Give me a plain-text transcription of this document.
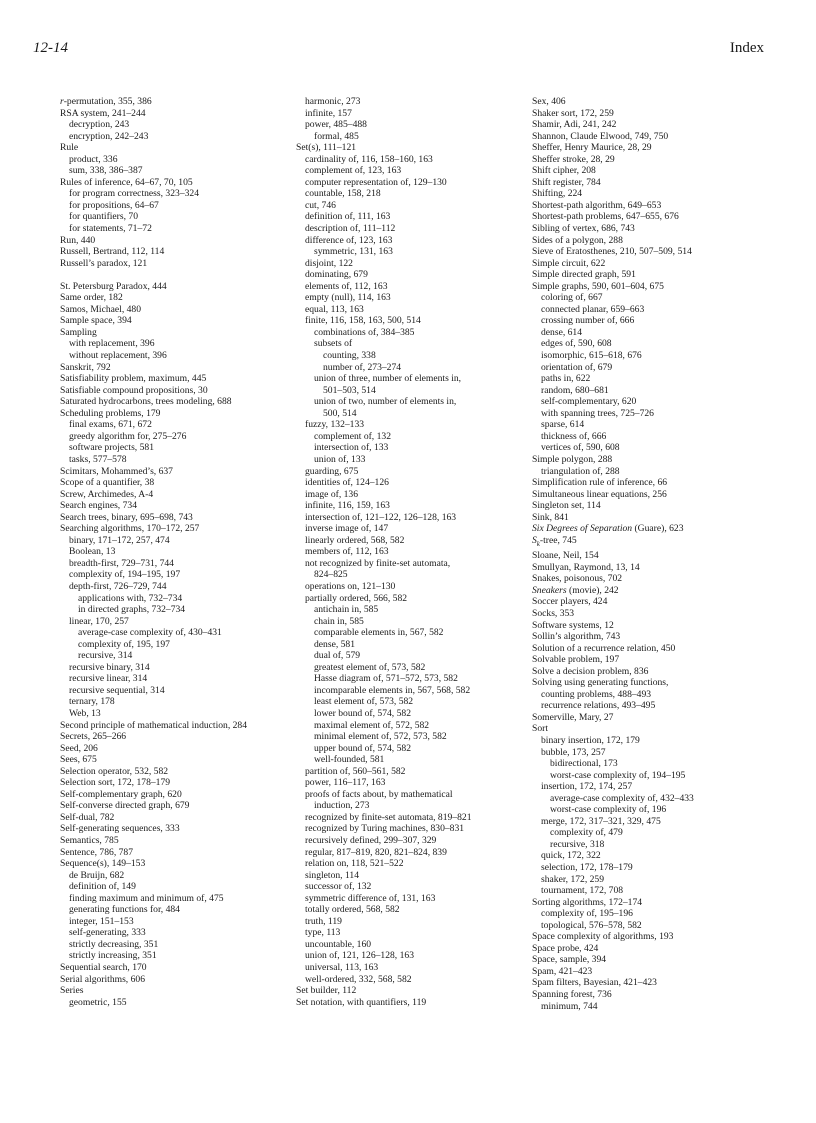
12-14	Index
r-permutation, 355, 386
RSA system, 241–244
decryption, 243
encryption, 242–243
Rule
product, 336
sum, 338, 386–387
Rules of inference, 64–67, 70, 105
for program correctness, 323–324
for propositions, 64–67
for quantifiers, 70
for statements, 71–72
Run, 440
Russell, Bertrand, 112, 114
Russell’s paradox, 121
St. Petersburg Paradox, 444
Same order, 182
Samos, Michael, 480
Sample space, 394
Sampling
with replacement, 396
without replacement, 396
Sanskrit, 792
Satisfiability problem, maximum, 445
Satisfiable compound propositions, 30
Saturated hydrocarbons, trees modeling, 688
Scheduling problems, 179
final exams, 671, 672
greedy algorithm for, 275–276
software projects, 581
tasks, 577–578
Scimitars, Mohammed’s, 637
Scope of a quantifier, 38
Screw, Archimedes, A-4
Search engines, 734
Search trees, binary, 695–698, 743
Searching algorithms, 170–172, 257
binary, 171–172, 257, 474
Boolean, 13
breadth-first, 729–731, 744
complexity of, 194–195, 197
depth-first, 726–729, 744
applications with, 732–734
in directed graphs, 732–734
linear, 170, 257
average-case complexity of, 430–431
complexity of, 195, 197
recursive, 314
recursive binary, 314
recursive linear, 314
recursive sequential, 314
ternary, 178
Web, 13
Second principle of mathematical induction, 284
Secrets, 265–266
Seed, 206
Sees, 675
Selection operator, 532, 582
Selection sort, 172, 178–179
Self-complementary graph, 620
Self-converse directed graph, 679
Self-dual, 782
Self-generating sequences, 333
Semantics, 785
Sentence, 786, 787
Sequence(s), 149–153
de Bruijn, 682
definition of, 149
finding maximum and minimum of, 475
generating functions for, 484
integer, 151–153
self-generating, 333
strictly decreasing, 351
strictly increasing, 351
Sequential search, 170
Serial algorithms, 606
Series
geometric, 155
harmonic, 273
infinite, 157
power, 485–488
formal, 485
Set(s), 111–121
cardinality of, 116, 158–160, 163
complement of, 123, 163
computer representation of, 129–130
countable, 158, 218
cut, 746
definition of, 111, 163
description of, 111–112
difference of, 123, 163
symmetric, 131, 163
disjoint, 122
dominating, 679
elements of, 112, 163
empty (null), 114, 163
equal, 113, 163
finite, 116, 158, 163, 500, 514
combinations of, 384–385
subsets of
counting, 338
number of, 273–274
union of three, number of elements in,
501–503, 514
union of two, number of elements in,
500, 514
fuzzy, 132–133
complement of, 132
intersection of, 133
union of, 133
guarding, 675
identities of, 124–126
image of, 136
infinite, 116, 159, 163
intersection of, 121–122, 126–128, 163
inverse image of, 147
linearly ordered, 568, 582
members of, 112, 163
not recognized by finite-set automata,
824–825
operations on, 121–130
partially ordered, 566, 582
antichain in, 585
chain in, 585
comparable elements in, 567, 582
dense, 581
dual of, 579
greatest element of, 573, 582
Hasse diagram of, 571–572, 573, 582
incomparable elements in, 567, 568, 582
least element of, 573, 582
lower bound of, 574, 582
maximal element of, 572, 582
minimal element of, 572, 573, 582
upper bound of, 574, 582
well-founded, 581
partition of, 560–561, 582
power, 116–117, 163
proofs of facts about, by mathematical
induction, 273
recognized by finite-set automata, 819–821
recognized by Turing machines, 830–831
recursively defined, 299–307, 329
regular, 817–819, 820, 821–824, 839
relation on, 118, 521–522
singleton, 114
successor of, 132
symmetric difference of, 131, 163
totally ordered, 568, 582
truth, 119
type, 113
uncountable, 160
union of, 121, 126–128, 163
universal, 113, 163
well-ordered, 332, 568, 582
Set builder, 112
Set notation, with quantifiers, 119
Sex, 406
Shaker sort, 172, 259
Shamir, Adi, 241, 242
Shannon, Claude Elwood, 749, 750
Sheffer, Henry Maurice, 28, 29
Sheffer stroke, 28, 29
Shift cipher, 208
Shift register, 784
Shifting, 224
Shortest-path algorithm, 649–653
Shortest-path problems, 647–655, 676
Sibling of vertex, 686, 743
Sides of a polygon, 288
Sieve of Eratosthenes, 210, 507–509, 514
Simple circuit, 622
Simple directed graph, 591
Simple graphs, 590, 601–604, 675
coloring of, 667
connected planar, 659–663
crossing number of, 666
dense, 614
edges of, 590, 608
isomorphic, 615–618, 676
orientation of, 679
paths in, 622
random, 680–681
self-complementary, 620
with spanning trees, 725–726
sparse, 614
thickness of, 666
vertices of, 590, 608
Simple polygon, 288
triangulation of, 288
Simplification rule of inference, 66
Simultaneous linear equations, 256
Singleton set, 114
Sink, 841
Six Degrees of Separation (Guare), 623
$S_k$-tree, 745
Sloane, Neil, 154
Smullyan, Raymond, 13, 14
Snakes, poisonous, 702
Sneakers (movie), 242
Soccer players, 424
Socks, 353
Software systems, 12
Sollin’s algorithm, 743
Solution of a recurrence relation, 450
Solvable problem, 197
Solve a decision problem, 836
Solving using generating functions,
counting problems, 488–493
recurrence relations, 493–495
Somerville, Mary, 27
Sort
binary insertion, 172, 179
bubble, 173, 257
bidirectional, 173
worst-case complexity of, 194–195
insertion, 172, 174, 257
average-case complexity of, 432–433
worst-case complexity of, 196
merge, 172, 317–321, 329, 475
complexity of, 479
recursive, 318
quick, 172, 322
selection, 172, 178–179
shaker, 172, 259
tournament, 172, 708
Sorting algorithms, 172–174
complexity of, 195–196
topological, 576–578, 582
Space complexity of algorithms, 193
Space probe, 424
Space, sample, 394
Spam, 421–423
Spam filters, Bayesian, 421–423
Spanning forest, 736
minimum, 744
